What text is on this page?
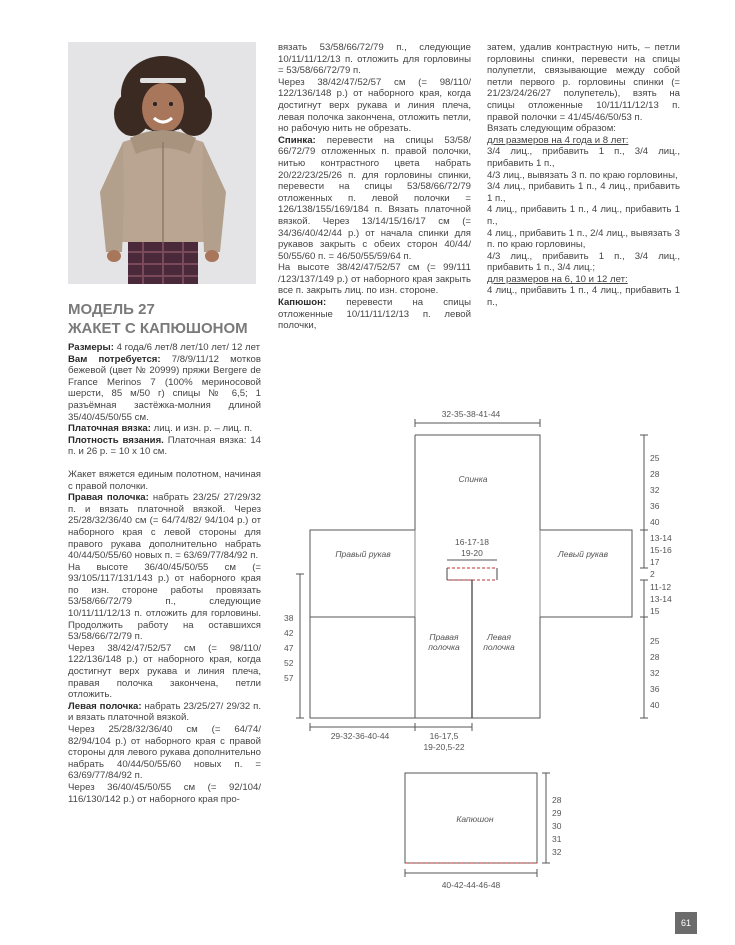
МОДЕЛЬ 27
ЖАКЕТ С КАПЮШОНОМ

Размеры: 4 года/6 лет/8 лет/10 лет/ 12 лет

Вам потребуется: 7/8/9/11/12 мотков бежевой (цвет № 20999) пряжи Bergere de France Merinos 7 (100% мериносовой шерсти, 85 м/50 г) спицы № 6,5; 1 разъёмная застёжка-молния длиной 35/40/45/50/55 см.

Платочная вязка: лиц. и изн. р. – лиц. п.

Плотность вязания. Платочная вязка: 14 п. и 26 р. = 10 х 10 см.

Жакет вяжется единым полотном, начиная с правой полочки.

Правая полочка: набрать 23/25/ 27/29/32 п. и вязать платочной вязкой. Через 25/28/32/36/40 см (= 64/74/82/ 94/104 р.) от наборного края с левой стороны для правого рукава дополнительно набрать 40/44/50/55/60 новых п. = 63/69/77/84/92 п.

На высоте 36/40/45/50/55 см (= 93/105/117/131/143 р.) от наборного края по изн. стороне работы провязать 53/58/66/72/79 п., следующие 10/11/11/12/13 п. отложить для горловины. Продолжить работу на оставшихся 53/58/66/72/79 п.

Через 38/42/47/52/57 см (= 98/110/ 122/136/148 р.) от наборного края, когда достигнут верх рукава и линия плеча, правая полочка закончена, петли отложить.

Левая полочка: набрать 23/25/27/ 29/32 п. и вязать платочной вязкой.

Через 25/28/32/36/40 см (= 64/74/ 82/94/104 р.) от наборного края с правой стороны для левого рукава дополнительно набрать 40/44/50/55/60 новых п. = 63/69/77/84/92 п.

Через 36/40/45/50/55 см (= 92/104/ 116/130/142 р.) от наборного края про-

вязать 53/58/66/72/79 п., следующие 10/11/11/12/13 п. отложить для горловины = 53/58/66/72/79 п.

Через 38/42/47/52/57 см (= 98/110/ 122/136/148 р.) от наборного края, когда достигнут верх рукава и линия плеча, левая полочка закончена, отложить петли, но рабочую нить не обрезать.

Спинка: перевести на спицы 53/58/ 66/72/79 отложенных п. правой полочки, нитью контрастного цвета набрать 20/22/23/25/26 п. для горловины спинки, перевести на спицы 53/58/66/72/79 отложенных п. левой полочки = 126/138/155/169/184 п. Вязать платочной вязкой. Через 13/14/15/16/17 см (= 34/36/40/42/44 р.) от начала спинки для рукавов закрыть с обеих сторон 40/44/ 50/55/60 п. = 46/50/55/59/64 п.

На высоте 38/42/47/52/57 см (= 99/111 /123/137/149 р.) от наборного края закрыть все п. закрыть лиц. по изн. стороне.

Капюшон: перевести на спицы отложенные 10/11/11/12/13 п. левой полочки,

затем, удалив контрастную нить, – петли горловины спинки, перевести на спицы полупетли, связывающие между собой петли первого р. горловины спинки (= 21/23/24/26/27 полупетель), взять на спицы отложенные 10/11/11/12/13 п. правой полочки = 41/45/46/50/53 п.

Вязать следующим образом:

для размеров на 4 года и 8 лет:

3/4 лиц., прибавить 1 п., 3/4 лиц., прибавить 1 п.,

4/3 лиц., вывязать 3 п. по краю горловины,

3/4 лиц., прибавить 1 п., 4 лиц., прибавить 1 п.,

4 лиц., прибавить 1 п., 4 лиц., прибавить 1 п.,

4 лиц., прибавить 1 п., 2/4 лиц., вывязать 3 п. по краю горловины,

4/3 лиц., прибавить 1 п., 3/4 лиц., прибавить 1 п., 3/4 лиц.;

для размеров на 6, 10 и 12 лет:

4 лиц., прибавить 1 п., 4 лиц., прибавить 1 п.,

32-35-38-41-44
Спинка
Правый рукав	Левый рукав
16-17-18
19-20
Правая
полочка
Левая
полочка
25
28
32
36
40
13-14
15-16
17
2
11-12
13-14
15
25
28
32
36
40
38
42
47
52
57
29-32-36-40-44	16-17,5
19-20,5-22
Капюшон
28
29
30
31
32
40-42-44-46-48
61
